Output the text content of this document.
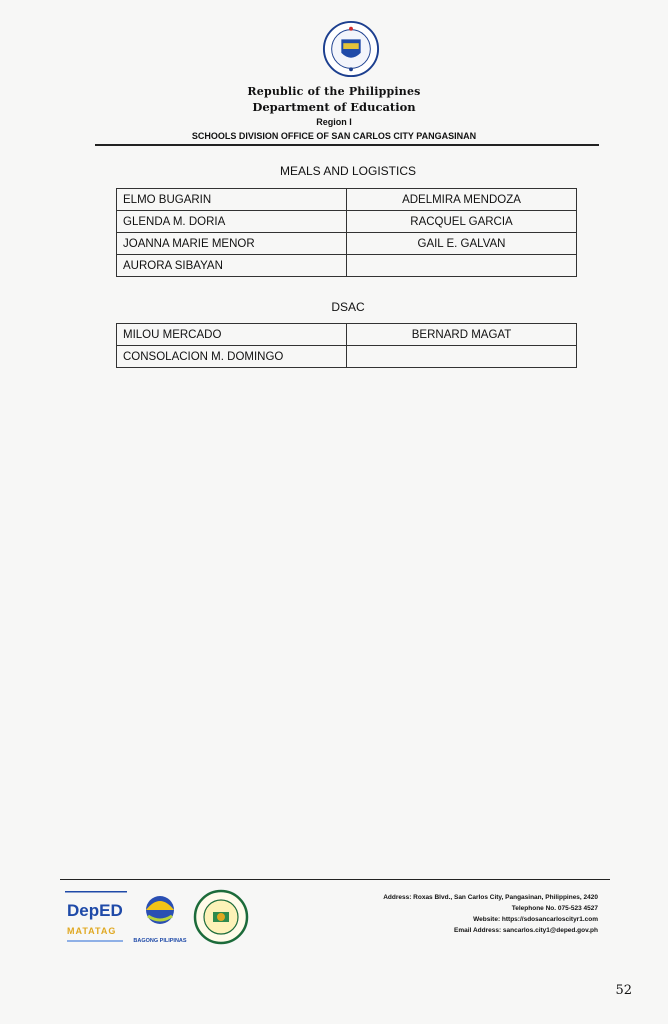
Republic of the Philippines
Department of Education
Region I
SCHOOLS DIVISION OFFICE OF SAN CARLOS CITY PANGASINAN
MEALS AND LOGISTICS
ELMO BUGARIN	ADELMIRA MENDOZA
GLENDA M. DORIA	RACQUEL GARCIA
JOANNA MARIE MENOR	GAIL E. GALVAN
AURORA SIBAYAN	
DSAC
MILOU MERCADO	BERNARD MAGAT
CONSOLACION M. DOMINGO	
DepED
MATATAG
BAGONG PILIPINAS
Address: Roxas Blvd., San Carlos City, Pangasinan, Philippines, 2420
Telephone No. 075-523 4527
Website: https://sdosancarloscityr1.com
Email Address: sancarlos.city1@deped.gov.ph
52
